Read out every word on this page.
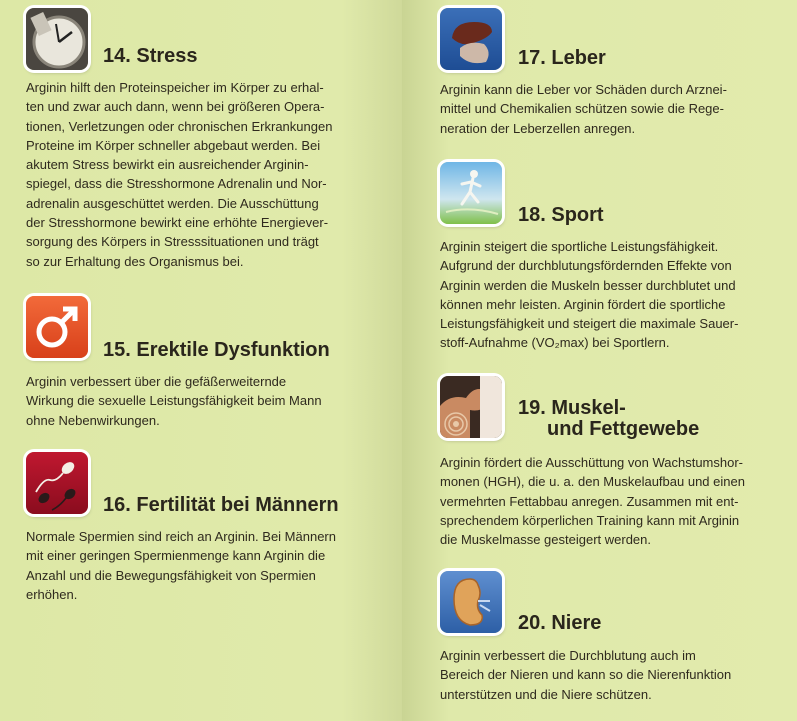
14. Stress
Arginin hilft den Proteinspeicher im Körper zu erhal-
ten und zwar auch dann, wenn bei größeren Opera-
tionen, Verletzungen oder chronischen Erkrankungen
Proteine im Körper schneller abgebaut werden. Bei
akutem Stress bewirkt ein ausreichender Arginin-
spiegel, dass die Stresshormone Adrenalin und Nor-
adrenalin ausgeschüttet werden. Die Ausschüttung
der Stresshormone bewirkt eine erhöhte Energiever-
sorgung des Körpers in Stresssituationen und trägt
so zur Erhaltung des Organismus bei.
15. Erektile Dysfunktion
Arginin verbessert über die gefäßerweiternde
Wirkung die sexuelle Leistungsfähigkeit beim Mann
ohne Nebenwirkungen.
16. Fertilität bei Männern
Normale Spermien sind reich an Arginin. Bei Männern
mit einer geringen Spermienmenge kann Arginin die
Anzahl und die Bewegungsfähigkeit von Spermien
erhöhen.
17. Leber
Arginin kann die Leber vor Schäden durch Arznei-
mittel und Chemikalien schützen sowie die Rege-
neration der Leberzellen anregen.
18. Sport
Arginin steigert die sportliche Leistungsfähigkeit.
Aufgrund der durchblutungsfördernden Effekte von
Arginin werden die Muskeln besser durchblutet und
können mehr leisten. Arginin fördert die sportliche
Leistungsfähigkeit und steigert die maximale Sauer-
stoff-Aufnahme (VO₂max) bei Sportlern.
19. Muskel-
und Fettgewebe
Arginin fördert die Ausschüttung von Wachstumshor-
monen (HGH), die u. a. den Muskelaufbau und einen
vermehrten Fettabbau anregen. Zusammen mit ent-
sprechendem körperlichen Training kann mit Arginin
die Muskelmasse gesteigert werden.
20. Niere
Arginin verbessert die Durchblutung auch im
Bereich der Nieren und kann so die Nierenfunktion
unterstützen und die Niere schützen.
